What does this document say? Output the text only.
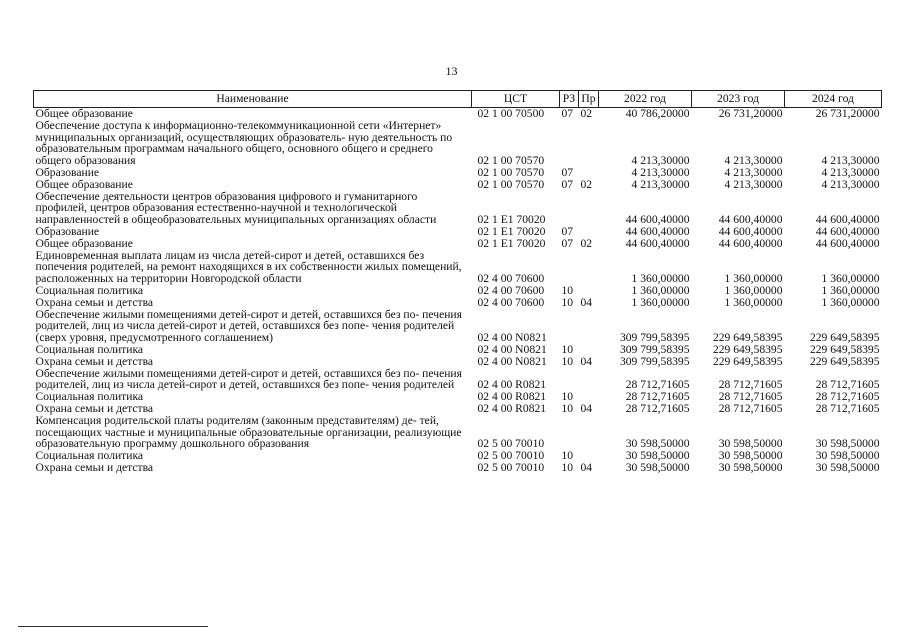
13
Наименование	ЦСТ	РЗ	Пр	2022 год	2023 год	2024 год
Общее образование	02 1 00 70500	07	02	40 786,20000	26 731,20000	26 731,20000
Обеспечение доступа к информационно-телекоммуникационной сети «Интернет» муниципальных организаций, осуществляющих образователь- ную деятельность по образовательным программам начального общего, основного общего и среднего общего образования	02 1 00 70570			4 213,30000	4 213,30000	4 213,30000
Образование	02 1 00 70570	07		4 213,30000	4 213,30000	4 213,30000
Общее образование	02 1 00 70570	07	02	4 213,30000	4 213,30000	4 213,30000
Обеспечение деятельности центров образования цифрового и гуманитарного профилей, центров образования естественно-научной и технологической направленностей в общеобразовательных муниципальных организациях области	02 1 E1 70020			44 600,40000	44 600,40000	44 600,40000
Образование	02 1 E1 70020	07		44 600,40000	44 600,40000	44 600,40000
Общее образование	02 1 E1 70020	07	02	44 600,40000	44 600,40000	44 600,40000
Единовременная выплата лицам из числа детей-сирот и детей, оставшихся без попечения родителей, на ремонт находящихся в их собственности жилых помещений, расположенных на территории Новгородской области	02 4 00 70600			1 360,00000	1 360,00000	1 360,00000
Социальная политика	02 4 00 70600	10		1 360,00000	1 360,00000	1 360,00000
Охрана семьи и детства	02 4 00 70600	10	04	1 360,00000	1 360,00000	1 360,00000
Обеспечение жилыми помещениями детей-сирот и детей, оставшихся без по- печения родителей, лиц из числа детей-сирот и детей, оставшихся без попе- чения родителей (сверх уровня, предусмотренного соглашением)	02 4 00 N0821			309 799,58395	229 649,58395	229 649,58395
Социальная политика	02 4 00 N0821	10		309 799,58395	229 649,58395	229 649,58395
Охрана семьи и детства	02 4 00 N0821	10	04	309 799,58395	229 649,58395	229 649,58395
Обеспечение жилыми помещениями детей-сирот и детей, оставшихся без по- печения родителей, лиц из числа детей-сирот и детей, оставшихся без попе- чения родителей	02 4 00 R0821			28 712,71605	28 712,71605	28 712,71605
Социальная политика	02 4 00 R0821	10		28 712,71605	28 712,71605	28 712,71605
Охрана семьи и детства	02 4 00 R0821	10	04	28 712,71605	28 712,71605	28 712,71605
Компенсация родительской платы родителям (законным представителям) де- тей, посещающих частные и муниципальные образовательные организации, реализующие образовательную программу дошкольного образования	02 5 00 70010			30 598,50000	30 598,50000	30 598,50000
Социальная политика	02 5 00 70010	10		30 598,50000	30 598,50000	30 598,50000
Охрана семьи и детства	02 5 00 70010	10	04	30 598,50000	30 598,50000	30 598,50000
